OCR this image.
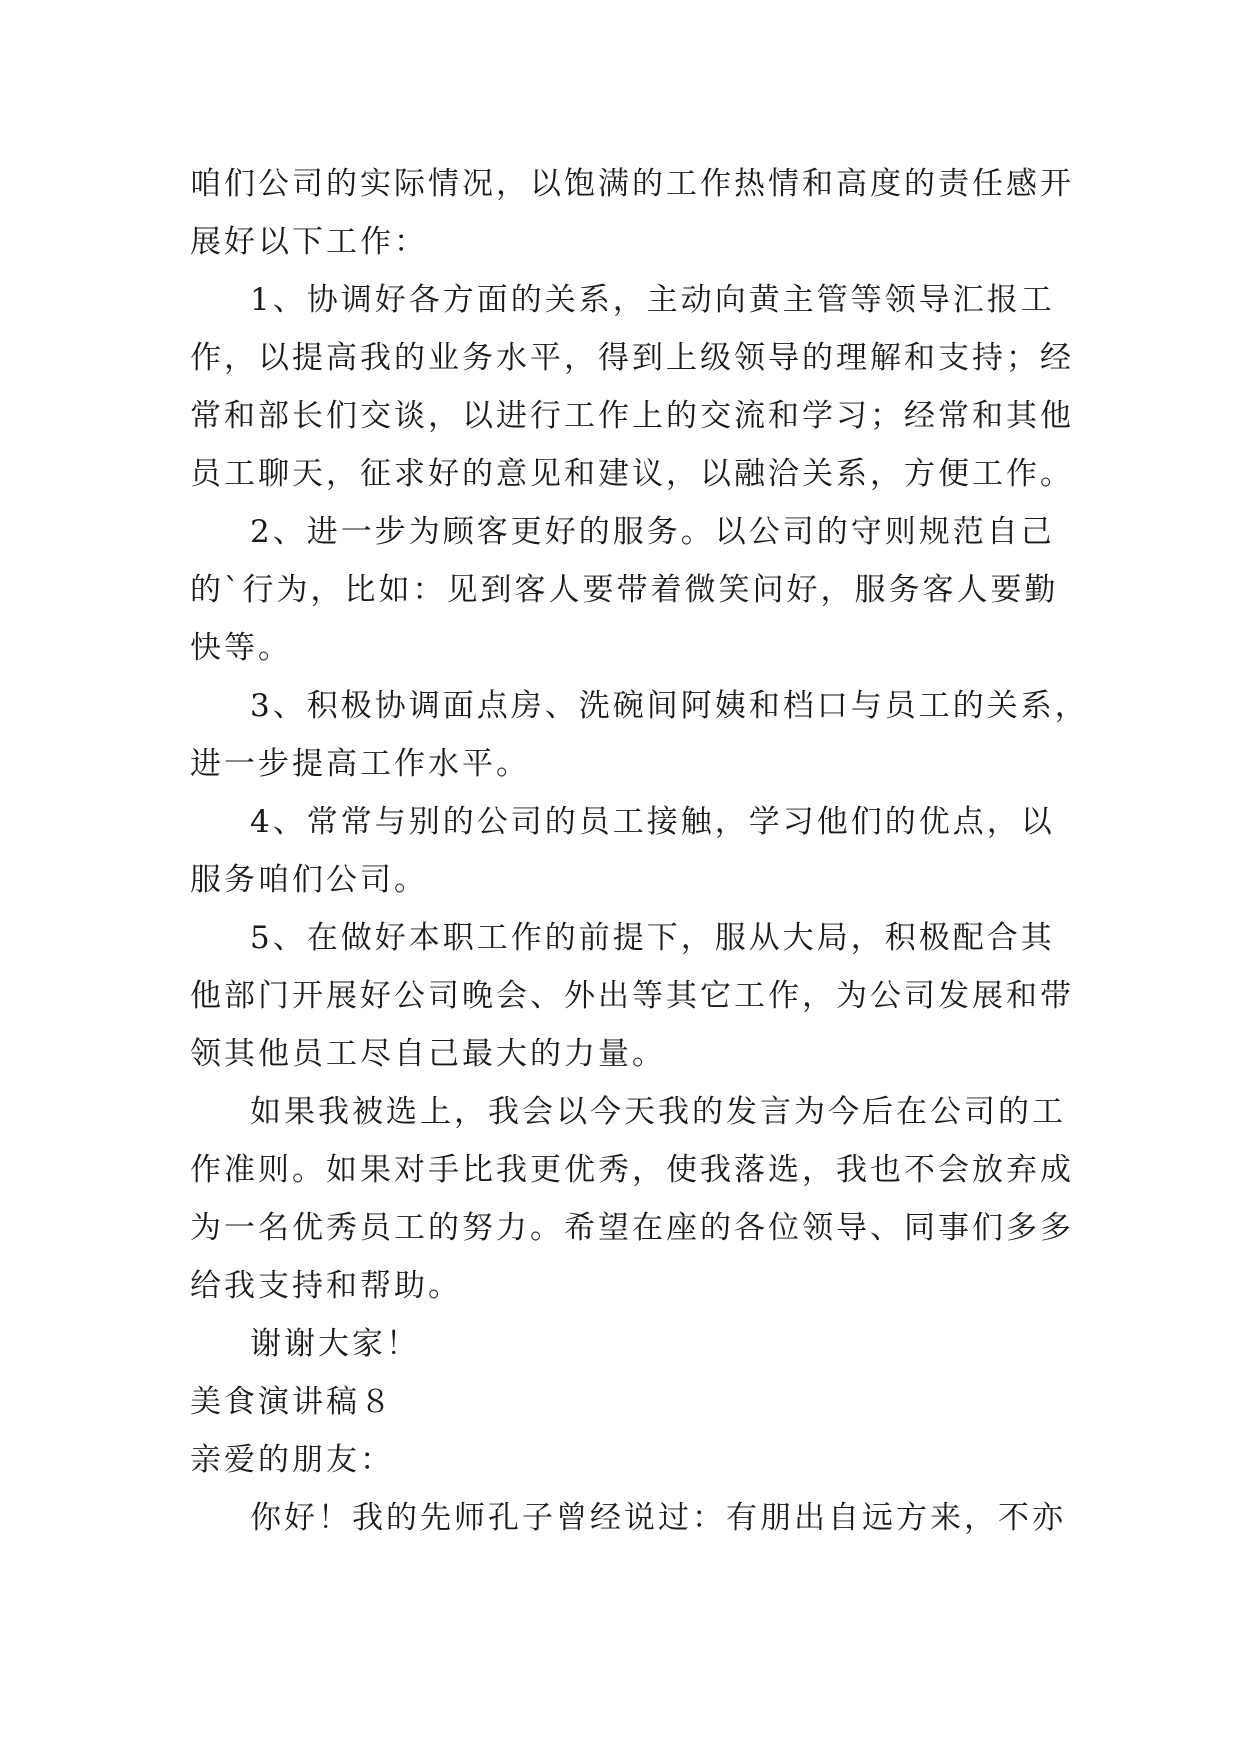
咱们公司的实际情况，以饱满的工作热情和高度的责任感开
展好以下工作：
1、协调好各方面的关系，主动向黄主管等领导汇报工
作，以提高我的业务水平，得到上级领导的理解和支持；经
常和部长们交谈，以进行工作上的交流和学习；经常和其他
员工聊天，征求好的意见和建议，以融洽关系，方便工作。
2、进一步为顾客更好的服务。以公司的守则规范自己
的`行为，比如：见到客人要带着微笑问好，服务客人要勤
快等。
3、积极协调面点房、洗碗间阿姨和档口与员工的关系，
进一步提高工作水平。
4、常常与别的公司的员工接触，学习他们的优点，以
服务咱们公司。
5、在做好本职工作的前提下，服从大局，积极配合其
他部门开展好公司晚会、外出等其它工作，为公司发展和带
领其他员工尽自己最大的力量。
如果我被选上，我会以今天我的发言为今后在公司的工
作准则。如果对手比我更优秀，使我落选，我也不会放弃成
为一名优秀员工的努力。希望在座的各位领导、同事们多多
给我支持和帮助。
谢谢大家！
美食演讲稿８
亲爱的朋友：
你好！我的先师孔子曾经说过：有朋出自远方来，不亦
